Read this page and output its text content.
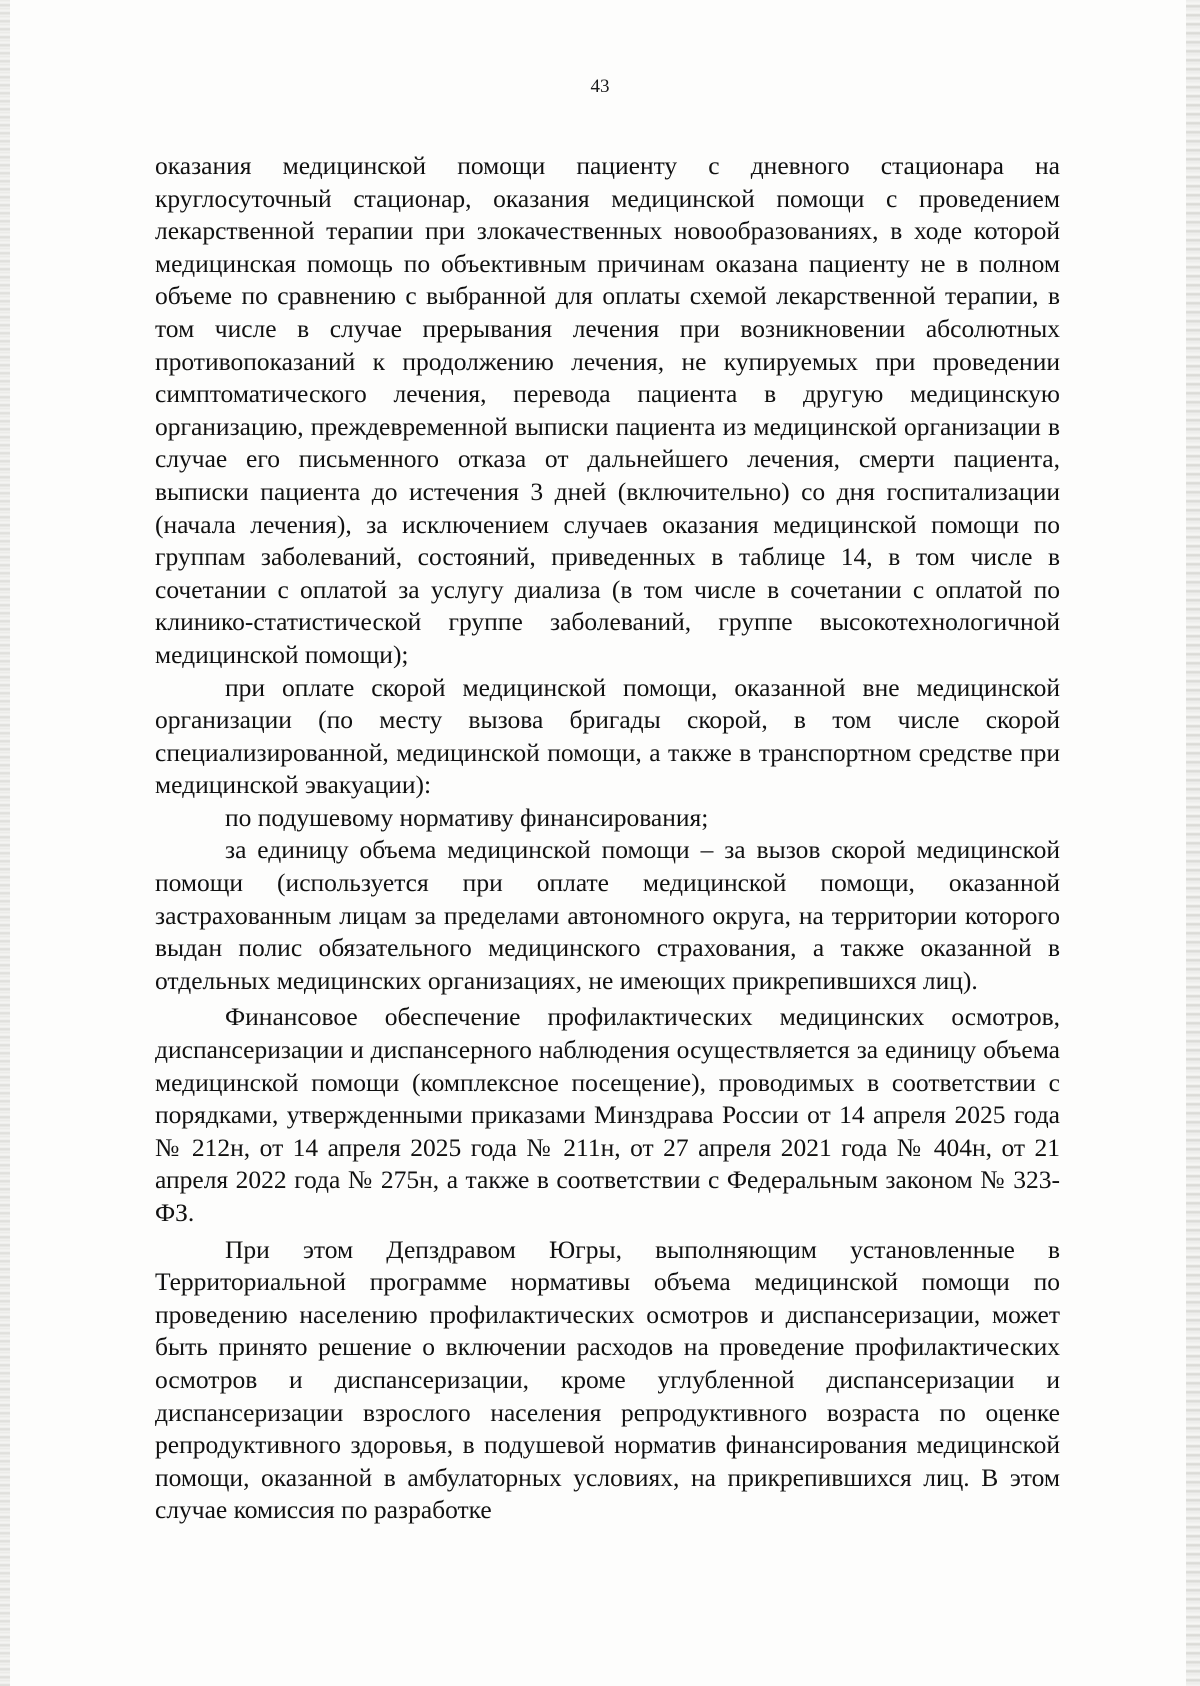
43

оказания медицинской помощи пациенту с дневного стационара на круглосуточный стационар, оказания медицинской помощи с проведением лекарственной терапии при злокачественных новообразованиях, в ходе которой медицинская помощь по объективным причинам оказана пациенту не в полном объеме по сравнению с выбранной для оплаты схемой лекарственной терапии, в том числе в случае прерывания лечения при возникновении абсолютных противопоказаний к продолжению лечения, не купируемых при проведении симптоматического лечения, перевода пациента в другую медицинскую организацию, преждевременной выписки пациента из медицинской организации в случае его письменного отказа от дальнейшего лечения, смерти пациента, выписки пациента до истечения 3 дней (включительно) со дня госпитализации (начала лечения), за исключением случаев оказания медицинской помощи по группам заболеваний, состояний, приведенных в таблице 14, в том числе в сочетании с оплатой за услугу диализа (в том числе в сочетании с оплатой по клинико-статистической группе заболеваний, группе высокотехнологичной медицинской помощи);

при оплате скорой медицинской помощи, оказанной вне медицинской организации (по месту вызова бригады скорой, в том числе скорой специализированной, медицинской помощи, а также в транспортном средстве при медицинской эвакуации):

по подушевому нормативу финансирования;

за единицу объема медицинской помощи – за вызов скорой медицинской помощи (используется при оплате медицинской помощи, оказанной застрахованным лицам за пределами автономного округа, на территории которого выдан полис обязательного медицинского страхования, а также оказанной в отдельных медицинских организациях, не имеющих прикрепившихся лиц).

Финансовое обеспечение профилактических медицинских осмотров, диспансеризации и диспансерного наблюдения осуществляется за единицу объема медицинской помощи (комплексное посещение), проводимых в соответствии с порядками, утвержденными приказами Минздрава России от 14 апреля 2025 года № 212н, от 14 апреля 2025 года № 211н, от 27 апреля 2021 года № 404н, от 21 апреля 2022 года № 275н, а также в соответствии с Федеральным законом № 323-ФЗ.

При этом Депздравом Югры, выполняющим установленные в Территориальной программе нормативы объема медицинской помощи по проведению населению профилактических осмотров и диспансеризации, может быть принято решение о включении расходов на проведение профилактических осмотров и диспансеризации, кроме углубленной диспансеризации и диспансеризации взрослого населения репродуктивного возраста по оценке репродуктивного здоровья, в подушевой норматив финансирования медицинской помощи, оказанной в амбулаторных условиях, на прикрепившихся лиц. В этом случае комиссия по разработке
